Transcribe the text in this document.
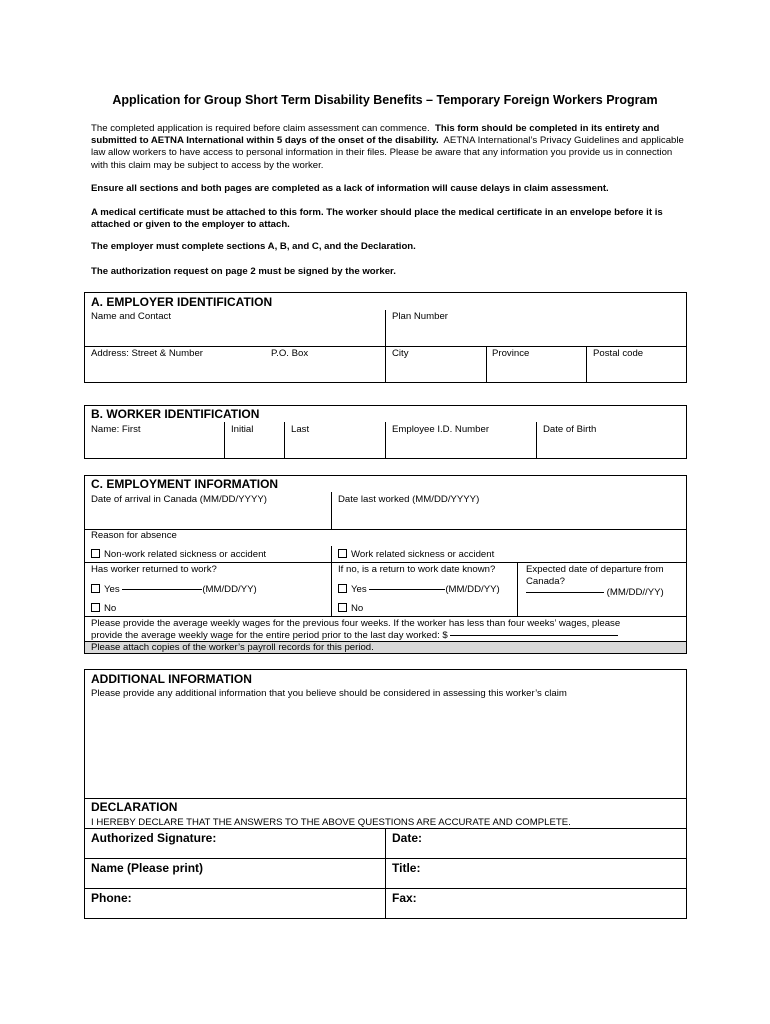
Application for Group Short Term Disability Benefits – Temporary Foreign Workers Program
The completed application is required before claim assessment can commence. This form should be completed in its entirety and submitted to AETNA International within 5 days of the onset of the disability. AETNA International’s Privacy Guidelines and applicable law allow workers to have access to personal information in their files. Please be aware that any information you provide us in connection with this claim may be subject to access by the worker.
Ensure all sections and both pages are completed as a lack of information will cause delays in claim assessment.
A medical certificate must be attached to this form. The worker should place the medical certificate in an envelope before it is attached or given to the employer to attach.
The employer must complete sections A, B, and C, and the Declaration.
The authorization request on page 2 must be signed by the worker.
A. EMPLOYER IDENTIFICATION
Name and Contact	Plan Number
Address: Street & Number	P.O. Box	City	Province	Postal code
B. WORKER IDENTIFICATION
Name: First	Initial	Last	Employee I.D. Number	Date of Birth
C. EMPLOYMENT INFORMATION
Date of arrival in Canada (MM/DD/YYYY)	Date last worked (MM/DD/YYYY)
Reason for absence
Non-work related sickness or accident	Work related sickness or accident
Has worker returned to work?	If no, is a return to work date known?	Expected date of departure from Canada?
Yes	(MM/DD/YY)	Yes	(MM/DD/YY)	(MM/DD//YY)
No	No
Please provide the average weekly wages for the previous four weeks. If the worker has less than four weeks’ wages, please
provide the average weekly wage for the entire period prior to the last day worked: $
Please attach copies of the worker’s payroll records for this period.
ADDITIONAL INFORMATION
Please provide any additional information that you believe should be considered in assessing this worker’s claim
DECLARATION
I HEREBY DECLARE THAT THE ANSWERS TO THE ABOVE QUESTIONS ARE ACCURATE AND COMPLETE.
Authorized Signature:	Date:
Name (Please print)	Title:
Phone:	Fax:
